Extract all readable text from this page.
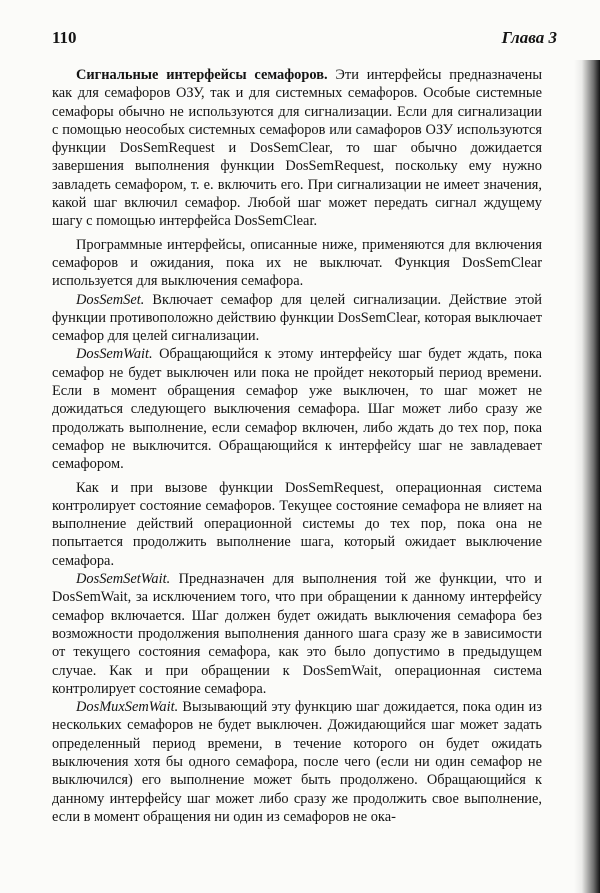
110	Глава 3

Сигнальные интерфейсы семафоров. Эти интерфейсы предназначены как для семафоров ОЗУ, так и для системных семафоров. Особые системные семафоры обычно не используются для сигнализации. Если для сигнализации с помощью неособых системных семафоров или самафоров ОЗУ используются функции DosSemRequest и DosSemClear, то шаг обычно дожидается завершения выполнения функции DosSemRequest, поскольку ему нужно завладеть семафором, т. е. включить его. При сигнализации не имеет значения, какой шаг включил семафор. Любой шаг может передать сигнал ждущему шагу с помощью интерфейса DosSemClear.

Программные интерфейсы, описанные ниже, применяются для включения семафоров и ожидания, пока их не выключат. Функция DosSemClear используется для выключения семафора.

DosSemSet. Включает семафор для целей сигнализации. Действие этой функции противоположно действию функции DosSemClear, которая выключает семафор для целей сигнализации.

DosSemWait. Обращающийся к этому интерфейсу шаг будет ждать, пока семафор не будет выключен или пока не пройдет некоторый период времени. Если в момент обращения семафор уже выключен, то шаг может не дожидаться следующего выключения семафора. Шаг может либо сразу же продолжать выполнение, если семафор включен, либо ждать до тех пор, пока семафор не выключится. Обращающийся к интерфейсу шаг не завладевает семафором.

Как и при вызове функции DosSemRequest, операционная система контролирует состояние семафоров. Текущее состояние семафора не влияет на выполнение действий операционной системы до тех пор, пока она не попытается продолжить выполнение шага, который ожидает выключение семафора.

DosSemSetWait. Предназначен для выполнения той же функции, что и DosSemWait, за исключением того, что при обращении к данному интерфейсу семафор включается. Шаг должен будет ожидать выключения семафора без возможности продолжения выполнения данного шага сразу же в зависимости от текущего состояния семафора, как это было допустимо в предыдущем случае. Как и при обращении к DosSemWait, операционная система контролирует состояние семафора.

DosMuxSemWait. Вызывающий эту функцию шаг дожидается, пока один из нескольких семафоров не будет выключен. Дожидающийся шаг может задать определенный период времени, в течение которого он будет ожидать выключения хотя бы одного семафора, после чего (если ни один семафор не выключился) его выполнение может быть продолжено. Обращающийся к данному интерфейсу шаг может либо сразу же продолжить свое выполнение, если в момент обращения ни один из семафоров не ока-
